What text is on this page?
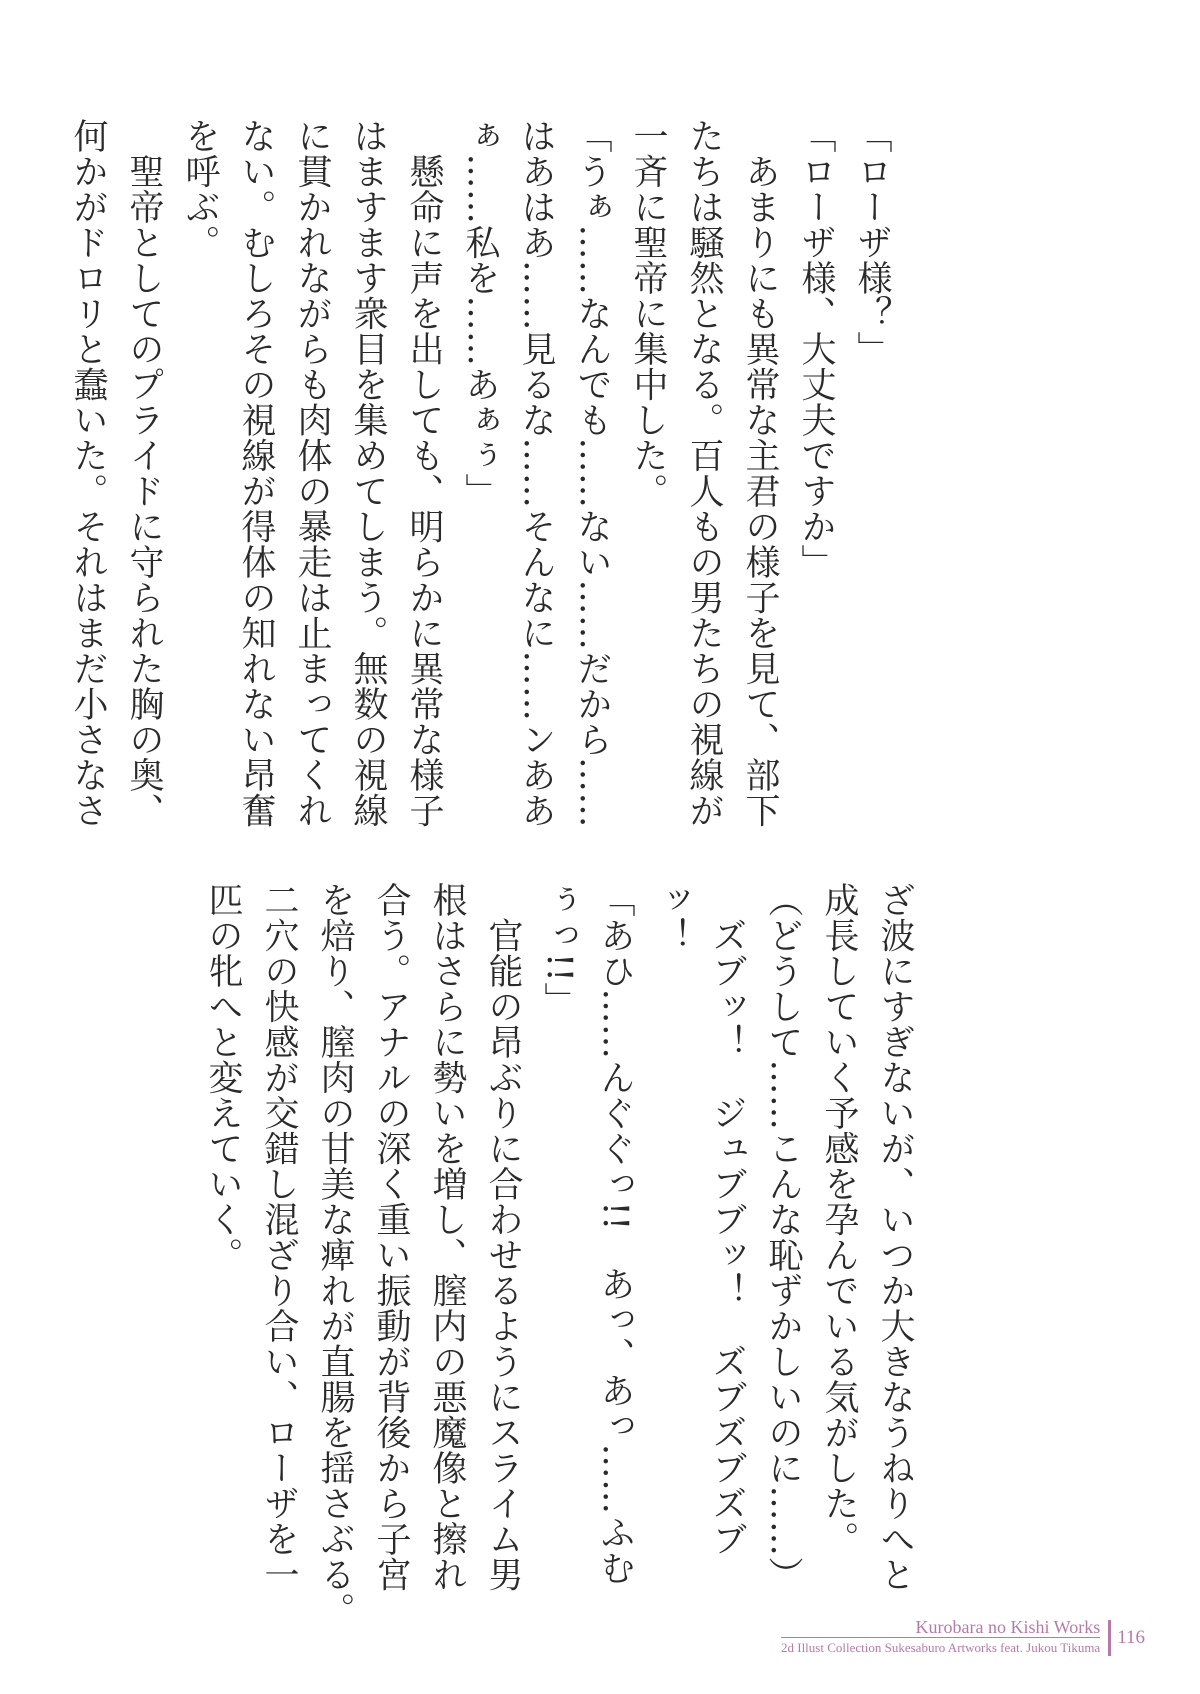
「ローザ様？」

「ローザ様、大丈夫ですか」

　あまりにも異常な主君の様子を見て、部下

たちは騒然となる。百人もの男たちの視線が

一斉に聖帝に集中した。

「うぁ……なんでも……ない……だから……

はあはあ……見るな……そんなに……ンああ

ぁ……私を……あぁぅ」

　懸命に声を出しても、明らかに異常な様子

はますます衆目を集めてしまう。無数の視線

に貫かれながらも肉体の暴走は止まってくれ

ない。むしろその視線が得体の知れない昂奮

を呼ぶ。

　聖帝としてのプライドに守られた胸の奥、

何かがドロリと蠢いた。それはまだ小さなさ

ざ波にすぎないが、いつか大きなうねりへと

成長していく予感を孕んでいる気がした。

（どうして……こんな恥ずかしいのに……）

　ズブッ！　ジュブブッ！　ズブズブズブ

ッ！

「あひ……んぐぐっ!!　あっ、あっ……ふむ

ぅっ!!」

　官能の昂ぶりに合わせるようにスライム男

根はさらに勢いを増し、膣内の悪魔像と擦れ

合う。アナルの深く重い振動が背後から子宮

を焙り、膣肉の甘美な痺れが直腸を揺さぶる。

二穴の快感が交錯し混ざり合い、ローザを一

匹の牝へと変えていく。

Kurobara no Kishi Works
2d Illust Collection Sukesaburo Artworks feat. Jukou Tikuma 116
